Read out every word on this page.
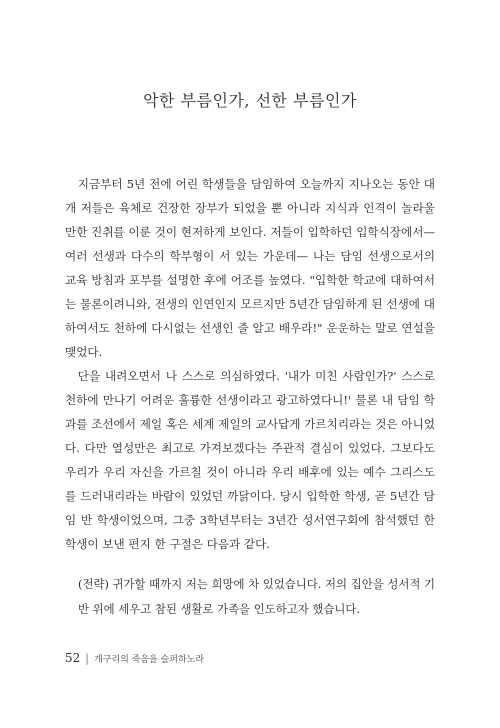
악한 부름인가, 선한 부름인가

지금부터 5년 전에 어린 학생들을 담임하여 오늘까지 지나오는 동안 대개 저들은 육체로 건장한 장부가 되었을 뿐 아니라 지식과 인격이 놀라울 만한 진취를 이룬 것이 현저하게 보인다. 저들이 입학하던 입학식장에서—여러 선생과 다수의 학부형이 서 있는 가운데— 나는 담임 선생으로서의 교육 방침과 포부를 설명한 후에 어조를 높였다. "입학한 학교에 대하여서는 물론이려니와, 전생의 인연인지 모르지만 5년간 담임하게 된 선생에 대하여서도 천하에 다시없는 선생인 줄 알고 배우라!" 운운하는 말로 연설을 맺었다.

단을 내려오면서 나 스스로 의심하였다. '내가 미친 사람인가?' 스스로 천하에 만나기 어려운 훌륭한 선생이라고 광고하였다니!' 물론 내 담임 학과를 조선에서 제일 혹은 세계 제일의 교사답게 가르치리라는 것은 아니었다. 다만 열성만은 최고로 가져보겠다는 주관적 결심이 있었다. 그보다도 우리가 우리 자신을 가르칠 것이 아니라 우리 배후에 있는 예수 그리스도를 드러내리라는 바람이 있었던 까닭이다. 당시 입학한 학생, 곧 5년간 담임 반 학생이었으며, 그중 3학년부터는 3년간 성서연구회에 참석했던 한 학생이 보낸 편지 한 구절은 다음과 같다.

(전략) 귀가할 때까지 저는 희망에 차 있었습니다. 저의 집안을 성서적 기반 위에 세우고 참된 생활로 가족을 인도하고자 했습니다.

52 | 개구리의 죽음을 슬퍼하노라
